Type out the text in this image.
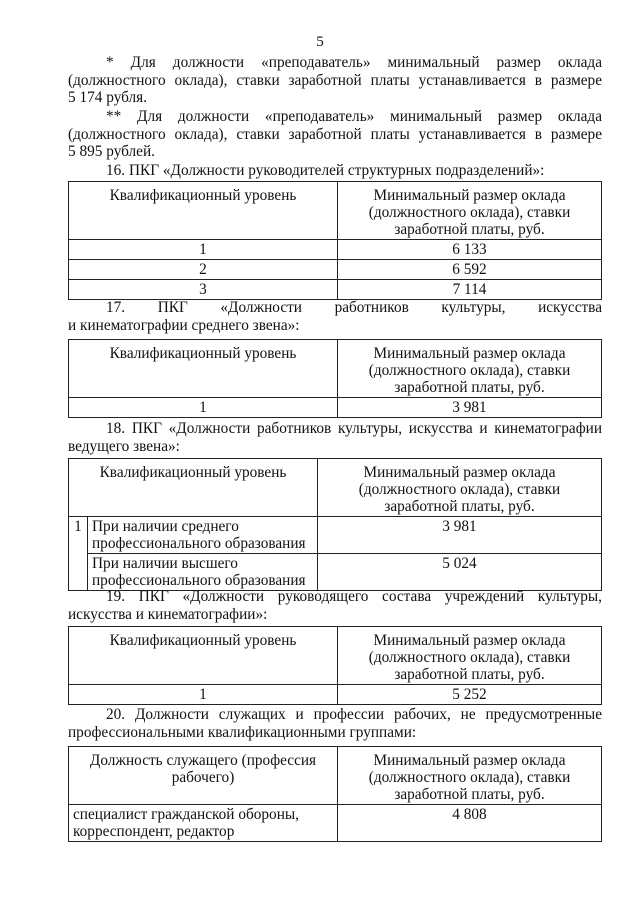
5
* Для должности «преподаватель» минимальный размер оклада
(должностного оклада), ставки заработной платы устанавливается в размере
5 174 рубля.
** Для должности «преподаватель» минимальный размер оклада
(должностного оклада), ставки заработной платы устанавливается в размере
5 895 рублей.
16. ПКГ «Должности руководителей структурных подразделений»:
Квалификационный уровень	Минимальный размер оклада (должностного оклада), ставки заработной платы, руб.
1	6 133
2	6 592
3	7 114
17. ПКГ «Должности работников культуры, искусства
и кинематографии среднего звена»:
Квалификационный уровень	Минимальный размер оклада (должностного оклада), ставки заработной платы, руб.
1	3 981
18. ПКГ «Должности работников культуры, искусства и кинематографии ведущего звена»:
Квалификационный уровень		Минимальный размер оклада (должностного оклада), ставки заработной платы, руб.
1	При наличии среднего профессионального образования	3 981
	При наличии высшего профессионального образования	5 024
19. ПКГ «Должности руководящего состава учреждений культуры, искусства и кинематографии»:
Квалификационный уровень	Минимальный размер оклада (должностного оклада), ставки заработной платы, руб.
1	5 252
20. Должности служащих и профессии рабочих, не предусмотренные профессиональными квалификационными группами:
Должность служащего (профессия рабочего)	Минимальный размер оклада (должностного оклада), ставки заработной платы, руб.
специалист гражданской обороны, корреспондент, редактор	4 808
